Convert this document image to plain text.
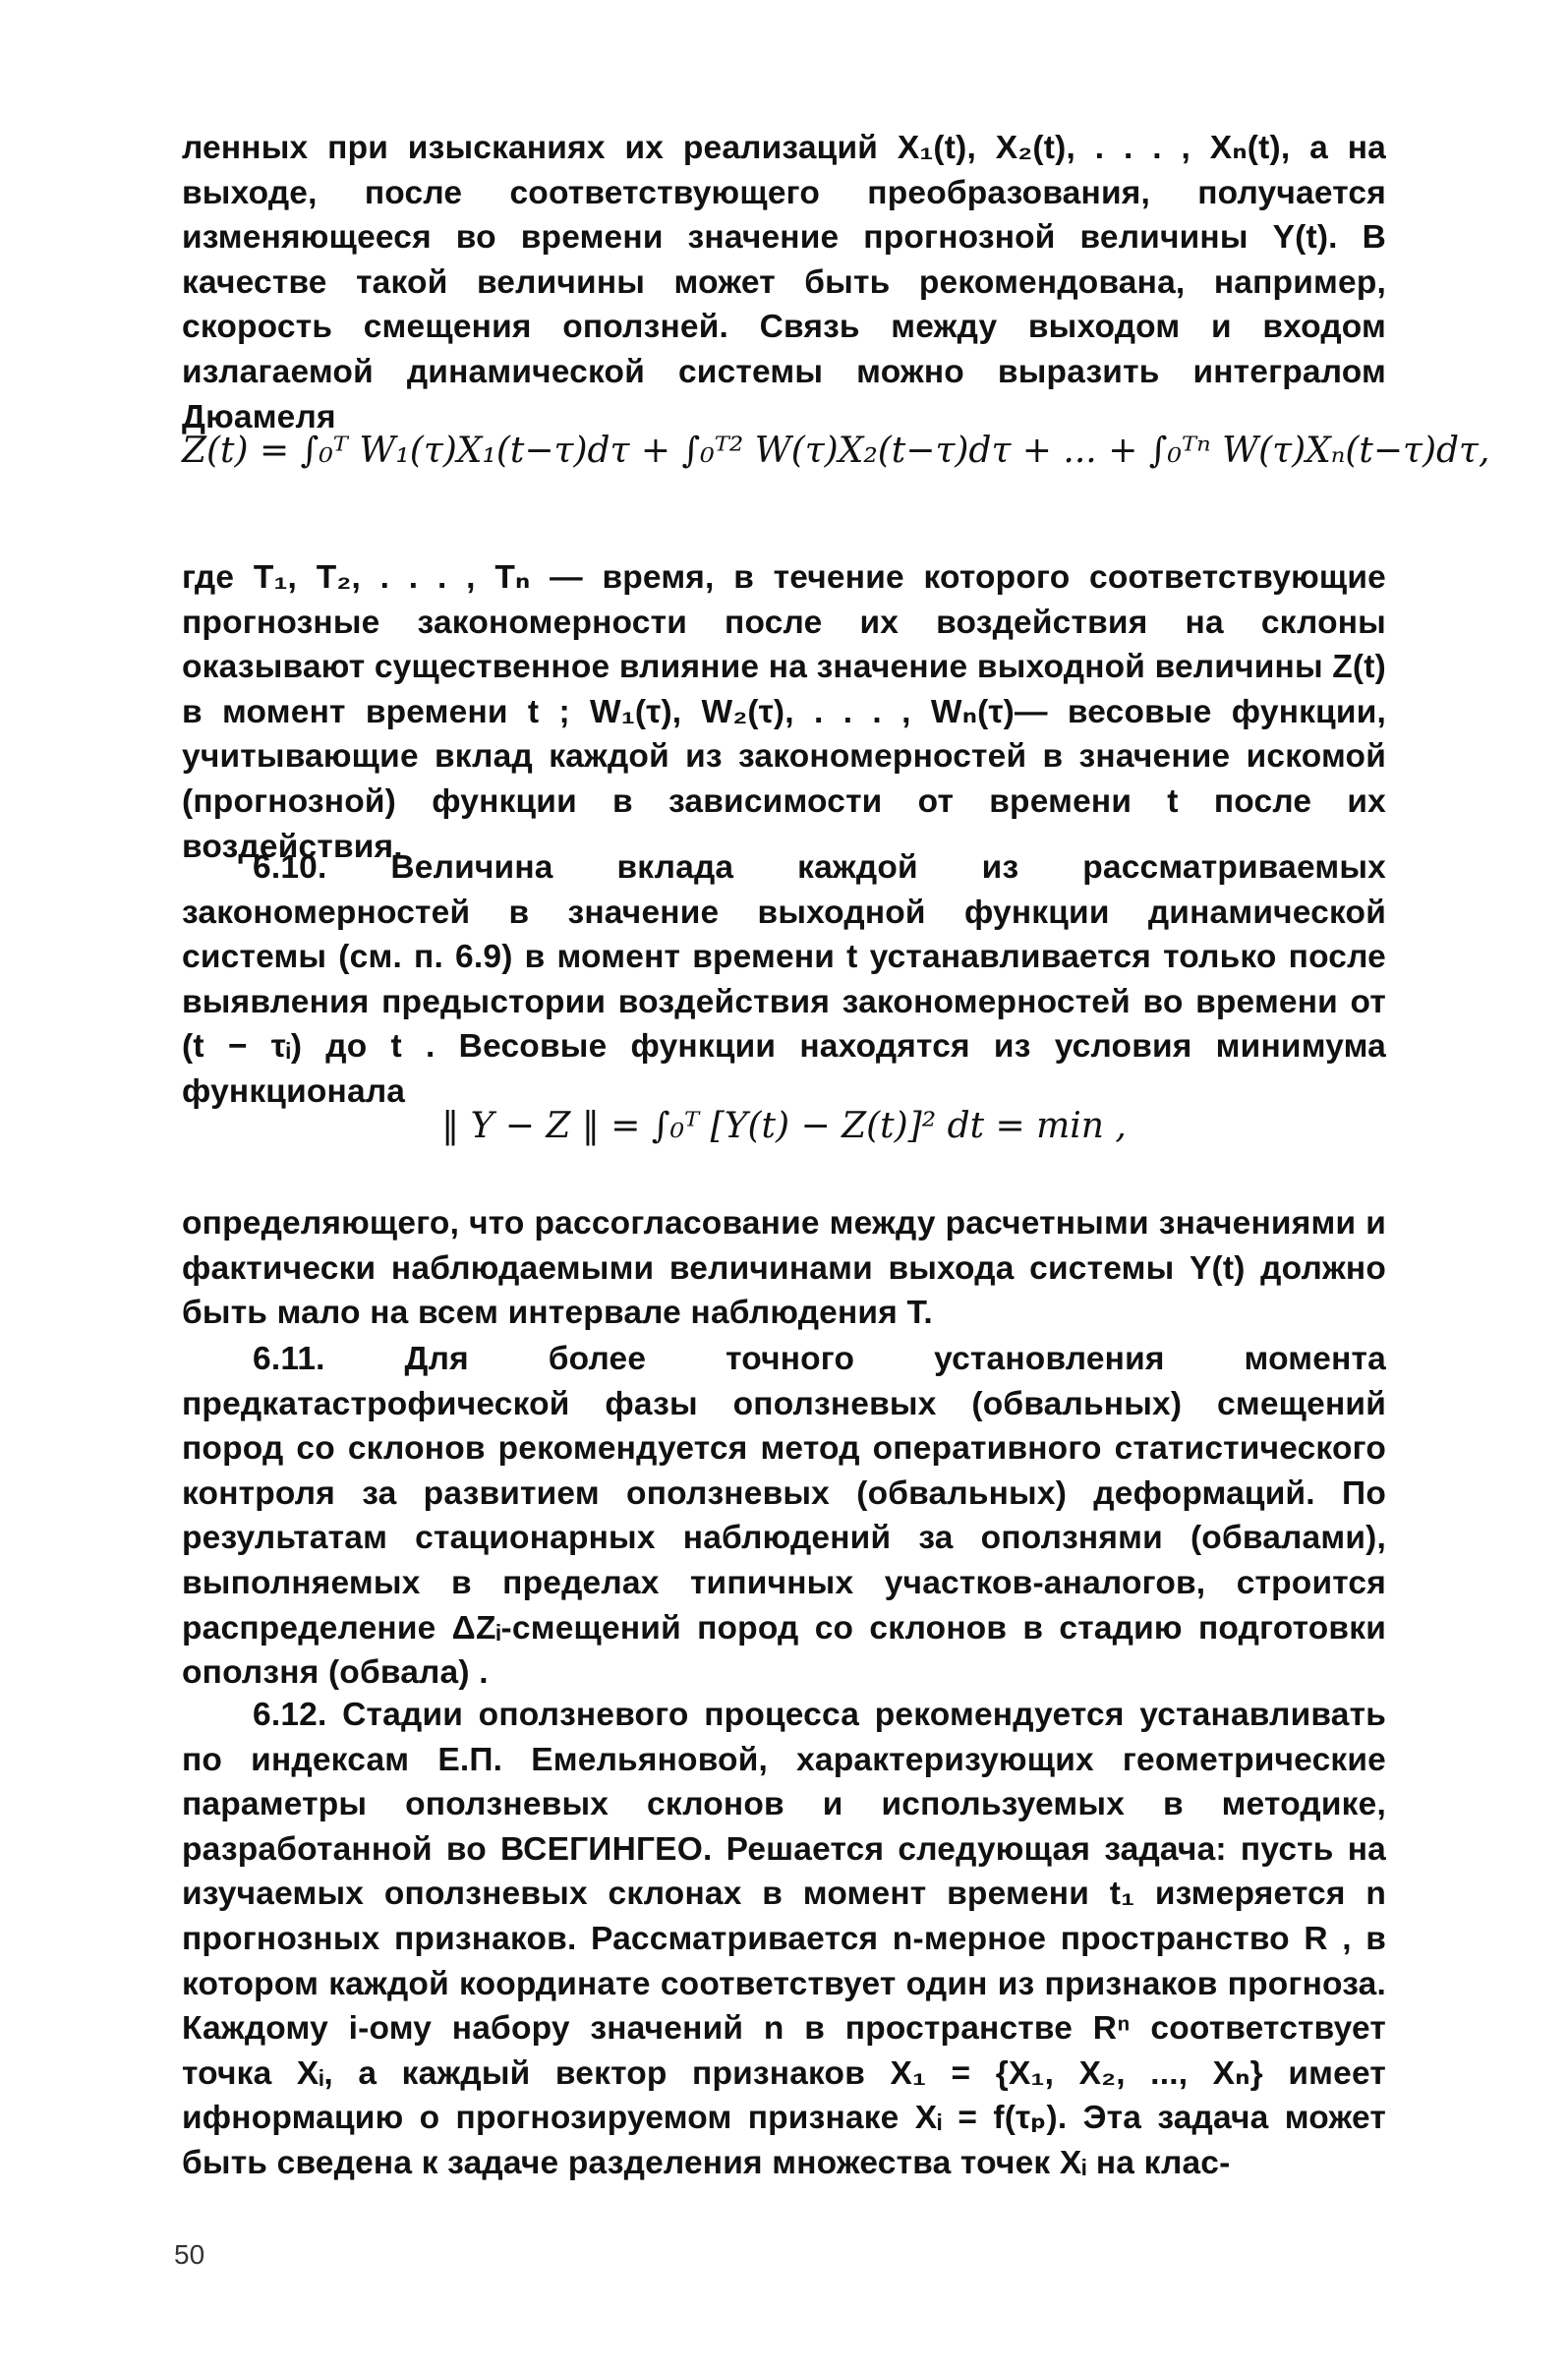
ленных при изысканиях их реализаций X₁(t), X₂(t), . . . , Xₙ(t), а на выходе, после соответствующего преобразования, получается изменяющееся во времени значение прогнозной величины Y(t). В качестве такой величины может быть рекомендована, например, скорость смещения оползней. Связь между выходом и входом излагаемой динамической системы можно выразить интегралом Дюамеля

Z(t) = ∫₀ᵀ W₁(τ)X₁(t−τ)dτ + ∫₀ᵀ² W(τ)X₂(t−τ)dτ + ... + ∫₀ᵀⁿ W(τ)Xₙ(t−τ)dτ,

где T₁, T₂, . . . , Tₙ — время, в течение которого соответствующие прогнозные закономерности после их воздействия на склоны оказывают существенное влияние на значение выходной величины Z(t) в момент времени t ; W₁(τ), W₂(τ), . . . , Wₙ(τ)— весовые функции, учитывающие вклад каждой из закономерностей в значение искомой (прогнозной) функции в зависимости от времени t после их воздействия.

6.10. Величина вклада каждой из рассматриваемых закономерностей в значение выходной функции динамической системы (см. п. 6.9) в момент времени t устанавливается только после выявления предыстории воздействия закономерностей во времени от (t − τᵢ) до t . Весовые функции находятся из условия минимума функционала

‖ Y − Z ‖ = ∫₀ᵀ [Y(t) − Z(t)]² dt = min ,

определяющего, что рассогласование между расчетными значениями и фактически наблюдаемыми величинами выхода системы Y(t) должно быть мало на всем интервале наблюдения T.

6.11. Для более точного установления момента предкатастрофической фазы оползневых (обвальных) смещений пород со склонов рекомендуется метод оперативного статистического контроля за развитием оползневых (обвальных) деформаций. По результатам стационарных наблюдений за оползнями (обвалами), выполняемых в пределах типичных участков-аналогов, строится распределение ΔZᵢ-смещений пород со склонов в стадию подготовки оползня (обвала) .

6.12. Стадии оползневого процесса рекомендуется устанавливать по индексам Е.П. Емельяновой, характеризующих геометрические параметры оползневых склонов и используемых в методике, разработанной во ВСЕГИНГЕО. Решается следующая задача: пусть на изучаемых оползневых склонах в момент времени t₁ измеряется n прогнозных признаков. Рассматривается n-мерное пространство R , в котором каждой координате соответствует один из признаков прогноза. Каждому i-ому набору значений n в пространстве Rⁿ соответствует точка Xᵢ, а каждый вектор признаков X₁ = {X₁, X₂, ..., Xₙ} имеет ифнормацию о прогнозируемом признаке Xᵢ = f(τₚ). Эта задача может быть сведена к задаче разделения множества точек Xᵢ на клас-

50
